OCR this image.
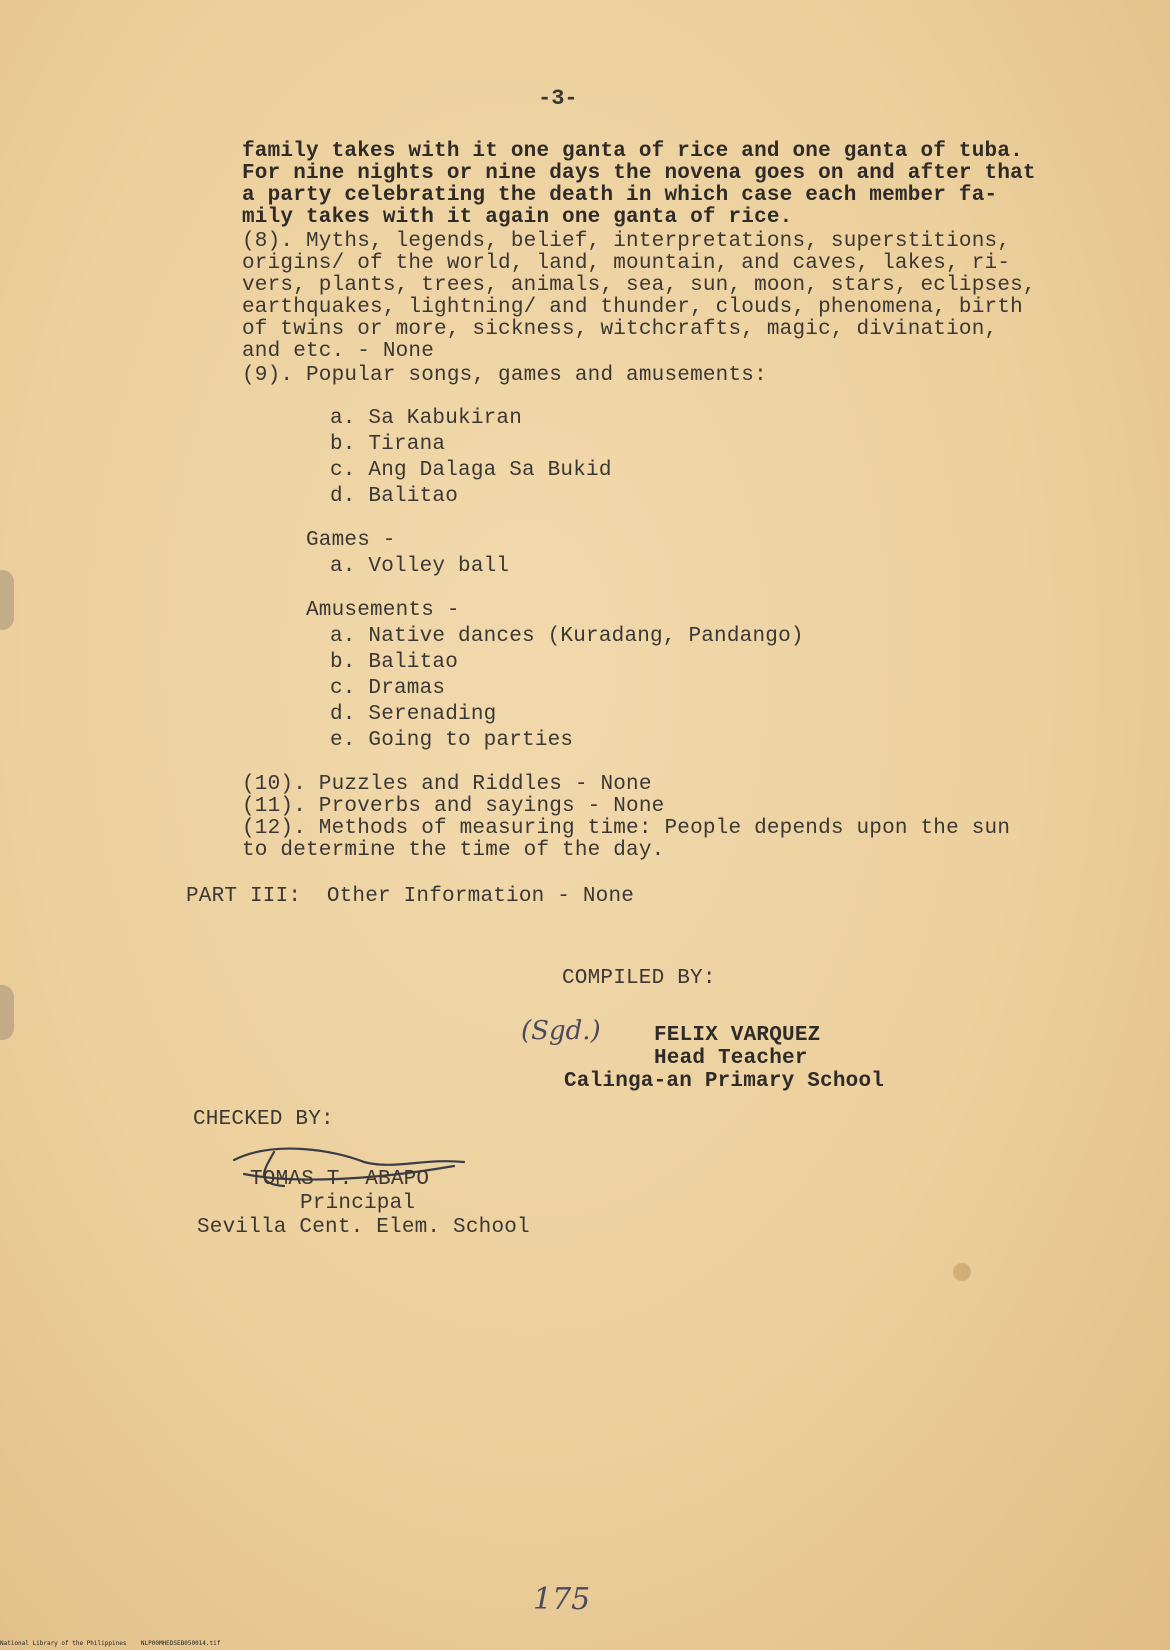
-3-
family takes with it one ganta of rice and one ganta of tuba.
For nine nights or nine days the novena goes on and after that
a party celebrating the death in which case each member fa-
mily takes with it again one ganta of rice.
(8). Myths, legends, belief, interpretations, superstitions,
origins/ of the world, land, mountain, and caves, lakes, ri-
vers, plants, trees, animals, sea, sun, moon, stars, eclipses,
earthquakes, lightning/ and thunder, clouds, phenomena, birth
of twins or more, sickness, witchcrafts, magic, divination,
and etc. - None
(9). Popular songs, games and amusements:
a. Sa Kabukiran
b. Tirana
c. Ang Dalaga Sa Bukid
d. Balitao
Games -
a. Volley ball
Amusements -
a. Native dances (Kuradang, Pandango)
b. Balitao
c. Dramas
d. Serenading
e. Going to parties
(10). Puzzles and Riddles - None
(11). Proverbs and sayings - None
(12). Methods of measuring time: People depends upon the sun
to determine the time of the day.
PART III:  Other Information - None
COMPILED BY:
(Sgd.)	FELIX VARQUEZ
Head Teacher
Calinga-an Primary School
CHECKED BY:
TOMAS T. ABAPO
Principal
Sevilla Cent. Elem. School
175
National Library of the Philippines    NLP00MHEDSEB050014.tif
